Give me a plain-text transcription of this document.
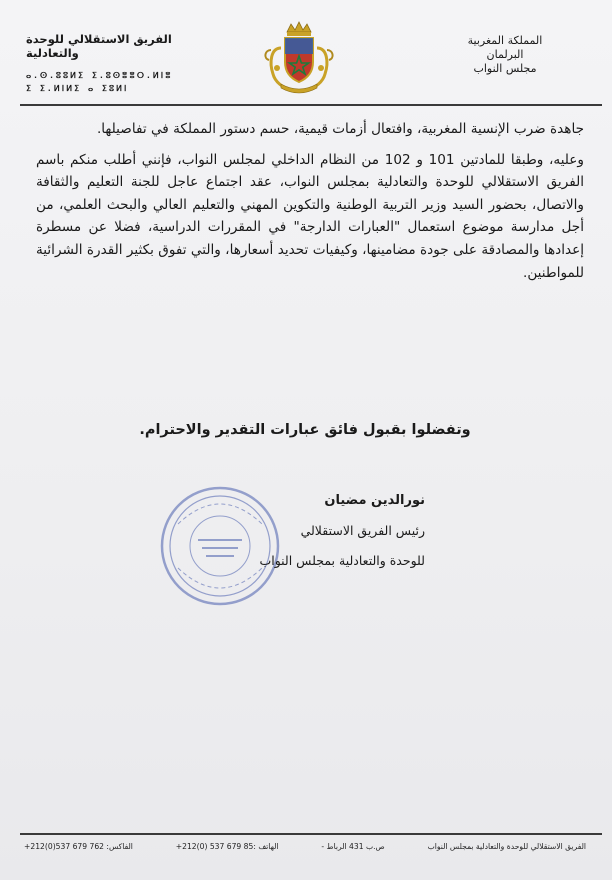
المملكة المغربية
البرلمان
مجلس النواب
الفريق الاستقلالي للوحدة والتعادلية
ⴰ.ⵙ.ⵓⵓⵍⵉ ⵉ.ⵓⵙⴻⴻⵔ.ⵍⵏⴻ
ⵉ ⵉ.ⵍⵏⵍⵉ ⴰ ⵉⵓⵍⵏ

جاهدة ضرب الإنسية المغربية، وافتعال أزمات قيمية، حسم دستور المملكة في تفاصيلها.

وعليه، وطبقا للمادتين 101 و 102 من النظام الداخلي لمجلس النواب، فإنني أطلب منكم باسم الفريق الاستقلالي للوحدة والتعادلية بمجلس النواب، عقد اجتماع عاجل للجنة التعليم والثقافة والاتصال، بحضور السيد وزير التربية الوطنية والتكوين المهني والتعليم العالي والبحث العلمي، من أجل مدارسة موضوع استعمال "العبارات الدارجة" في المقررات الدراسية، فضلا عن مسطرة إعدادها والمصادقة على جودة مضامينها، وكيفيات تحديد أسعارها، والتي تفوق بكثير القدرة الشرائية للمواطنين.

وتفضلوا بقبول فائق عبارات التقدير والاحترام.
نورالدين مضيان
رئيس الفريق الاستقلالي
للوحدة والتعادلية بمجلس النواب
الفريق الاستقلالي للوحدة والتعادلية بمجلس النواب
ص.ب 431 الرباط -
الهاتف :85 679 537 (0)212+
الفاكس: 762 679 537(0)212+
